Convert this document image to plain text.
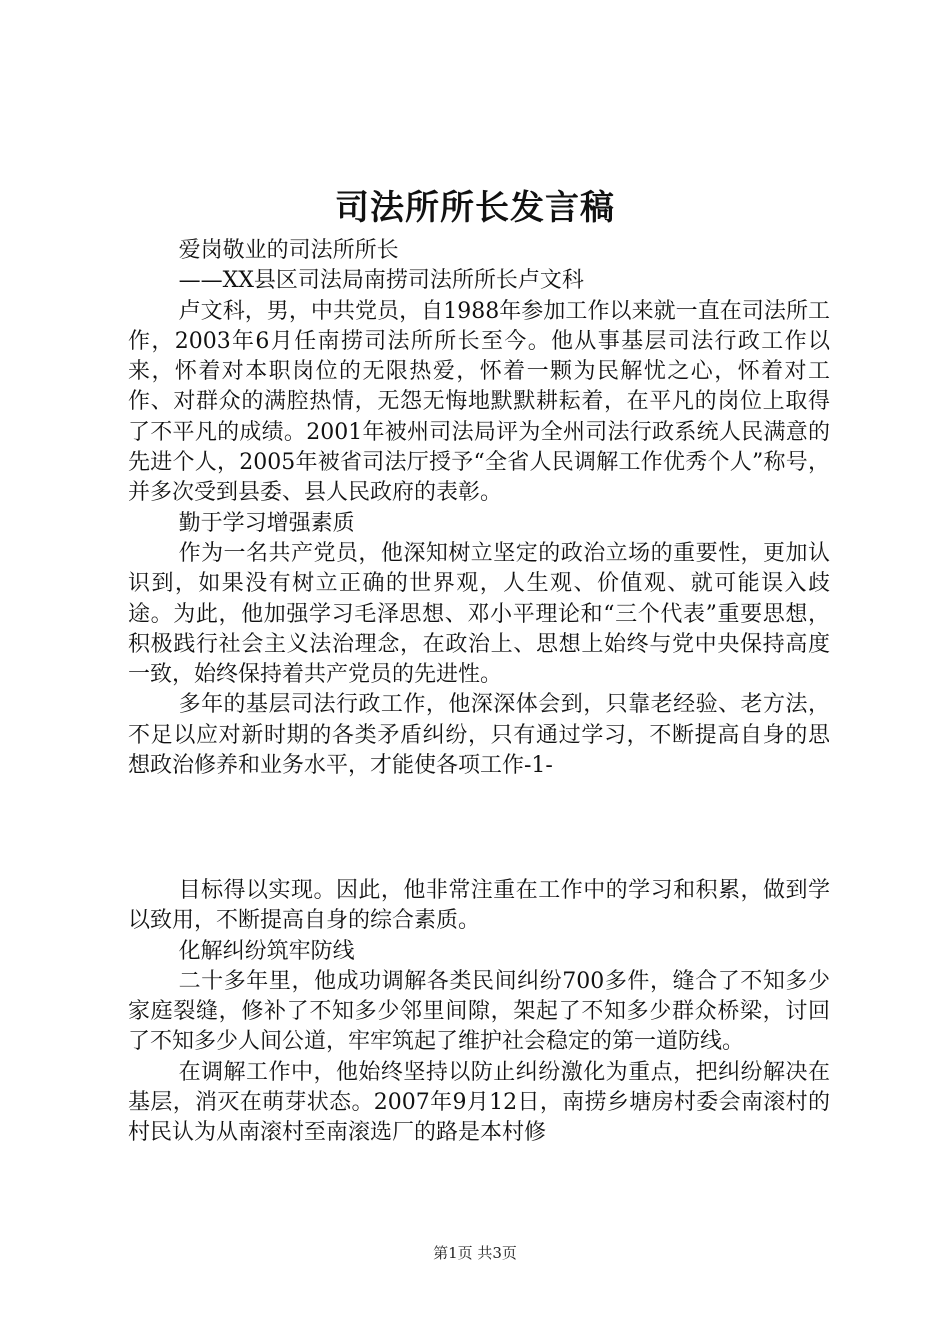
司法所所长发言稿

爱岗敬业的司法所所长

——XX县区司法局南捞司法所所长卢文科

卢文科，男，中共党员，自1988年参加工作以来就一直在司法所工作，2003年6月任南捞司法所所长至今。他从事基层司法行政工作以来，怀着对本职岗位的无限热爱，怀着一颗为民解忧之心，怀着对工作、对群众的满腔热情，无怨无悔地默默耕耘着，在平凡的岗位上取得了不平凡的成绩。2001年被州司法局评为全州司法行政系统人民满意的先进个人，2005年被省司法厅授予“全省人民调解工作优秀个人”称号，并多次受到县委、县人民政府的表彰。

勤于学习增强素质

作为一名共产党员，他深知树立坚定的政治立场的重要性，更加认识到，如果没有树立正确的世界观，人生观、价值观、就可能误入歧途。为此，他加强学习毛泽思想、邓小平理论和“三个代表”重要思想，积极践行社会主义法治理念，在政治上、思想上始终与党中央保持高度一致，始终保持着共产党员的先进性。

多年的基层司法行政工作，他深深体会到，只靠老经验、老方法，不足以应对新时期的各类矛盾纠纷，只有通过学习，不断提高自身的思想政治修养和业务水平，才能使各项工作-1-

目标得以实现。因此，他非常注重在工作中的学习和积累，做到学以致用，不断提高自身的综合素质。

化解纠纷筑牢防线

二十多年里，他成功调解各类民间纠纷700多件，缝合了不知多少家庭裂缝，修补了不知多少邻里间隙，架起了不知多少群众桥梁，讨回了不知多少人间公道，牢牢筑起了维护社会稳定的第一道防线。

在调解工作中，他始终坚持以防止纠纷激化为重点，把纠纷解决在基层，消灭在萌芽状态。2007年9月12日，南捞乡塘房村委会南滚村的村民认为从南滚村至南滚选厂的路是本村修

第1页 共3页
